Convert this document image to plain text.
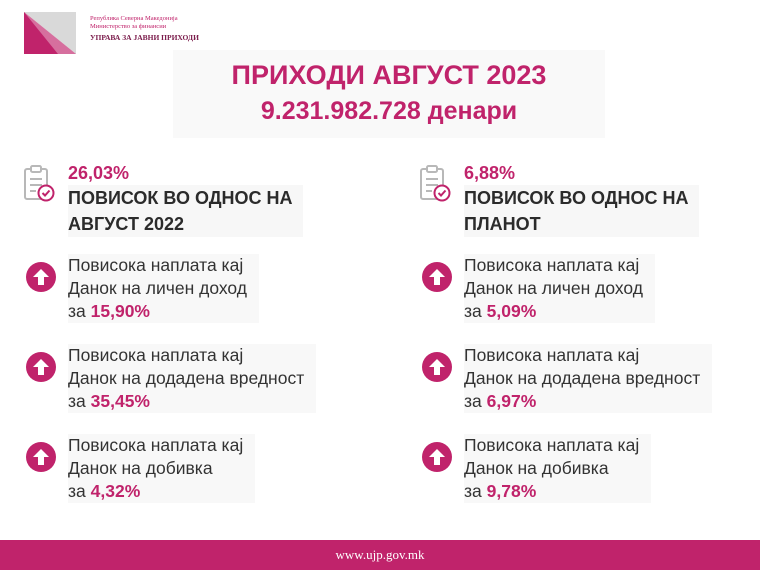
Република Северна Македонија
Министерство за финансии
УПРАВА ЗА ЈАВНИ ПРИХОДИ
ПРИХОДИ АВГУСТ 2023
9.231.982.728 денари
26,03%
ПОВИСОК ВО ОДНОС НА
АВГУСТ 2022
Повисока наплата кај
Данок на личен доход
за 15,90%
Повисока наплата кај
Данок на додадена вредност
за 35,45%
Повисока наплата кај
Данок на добивка
за 4,32%
6,88%
ПОВИСОК ВО ОДНОС НА
ПЛАНОТ
Повисока наплата кај
Данок на личен доход
за 5,09%
Повисока наплата кај
Данок на додадена вредност
за 6,97%
Повисока наплата кај
Данок на добивка
за 9,78%
www.ujp.gov.mk
